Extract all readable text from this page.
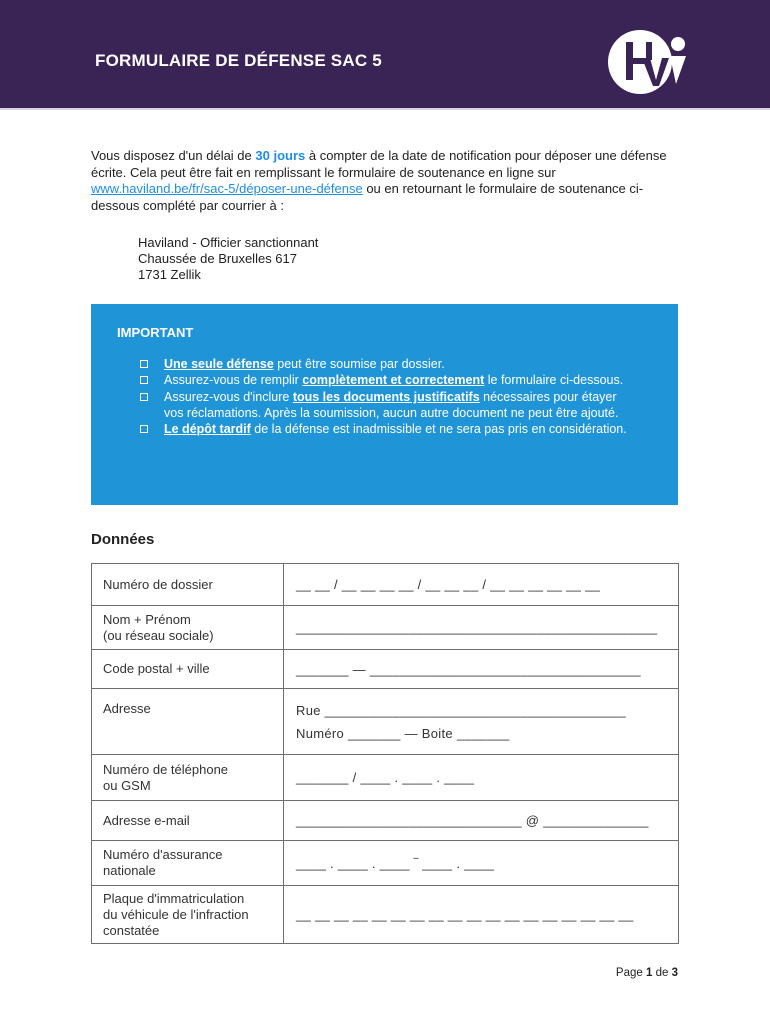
FORMULAIRE DE DÉFENSE SAC 5
Vous disposez d'un délai de 30 jours à compter de la date de notification pour déposer une défense écrite. Cela peut être fait en remplissant le formulaire de soutenance en ligne sur www.haviland.be/fr/sac-5/déposer-une-défense ou en retournant le formulaire de soutenance ci-dessous complété par courrier à :
Haviland - Officier sanctionnant
Chaussée de Bruxelles 617
1731 Zellik
IMPORTANT
Une seule défense peut être soumise par dossier.
Assurez-vous de remplir complètement et correctement le formulaire ci-dessous.
Assurez-vous d'inclure tous les documents justificatifs nécessaires pour étayer vos réclamations. Après la soumission, aucun autre document ne peut être ajouté.
Le dépôt tardif de la défense est inadmissible et ne sera pas pris en considération.
Données
Numéro de dossier	__ __ / __ __ __ __ / __ __ __ / __ __ __ __ __ __

Nom + Prénom
(ou réseau sociale)	________________________________________________
Code postal + ville	_______ — ____________________________________
Adresse	Rue ________________________________________
Numéro _______ — Boite _______

Numéro de téléphone
ou GSM	_______ / ____ . ____ . ____
Adresse e-mail	______________________________ @ ______________

Numéro d'assurance
nationale	____ . ____ . ____ ‾ ____ . ____

Plaque d'immatriculation
du véhicule de l'infraction
constatée	__ __ __ __ __ __ __ __ __ __ __ __ __ __ __ __ __ __
Page 1 de 3
